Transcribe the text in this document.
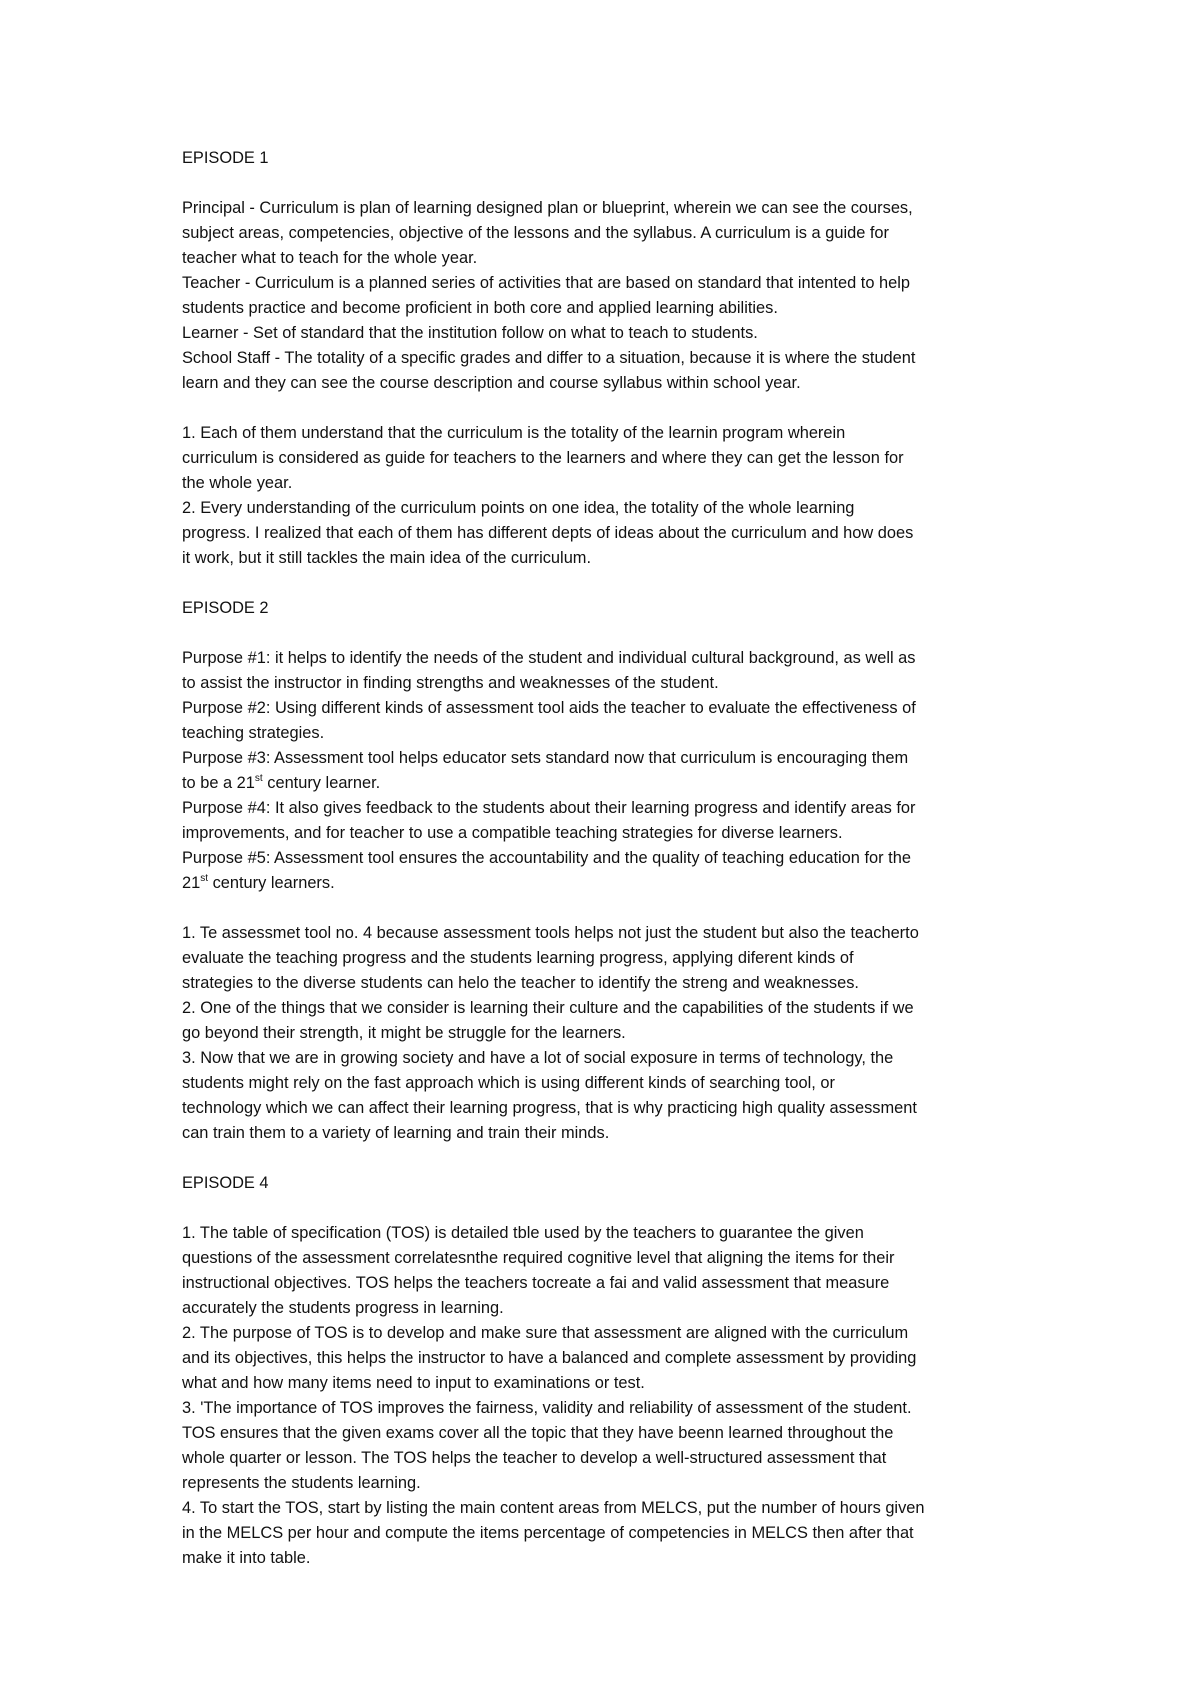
EPISODE 1
Principal - Curriculum is plan of learning designed plan or blueprint, wherein we can see the courses,
subject areas, competencies, objective of the lessons and the syllabus. A curriculum is a guide for
teacher what to teach for the whole year.
Teacher - Curriculum is a planned series of activities that are based on standard that intented to help
students practice and become proficient in both core and applied learning abilities.
Learner - Set of standard that the institution follow on what to teach to students.
School Staff - The totality of a specific grades and differ to a situation, because it is where the student
learn and they can see the course description and course syllabus within school year.
1. Each of them understand that the curriculum is the totality of the learnin program wherein
curriculum is considered as guide for teachers to the learners and where they can get the lesson for
the whole year.
2. Every understanding of the curriculum points on one idea, the totality of the whole learning
progress. I realized that each of them has different depts of ideas about the curriculum and how does
it work, but it still tackles the main idea of the curriculum.
EPISODE 2
Purpose #1: it helps to identify the needs of the student and individual cultural background, as well as
to assist the instructor in finding strengths and weaknesses of the student.
Purpose #2: Using different kinds of assessment tool aids the teacher to evaluate the effectiveness of
teaching strategies.
Purpose #3: Assessment tool helps educator sets standard now that curriculum is encouraging them
to be a 21st century learner.
Purpose #4: It also gives feedback to the students about their learning progress and identify areas for
improvements, and for teacher to use a compatible teaching strategies for diverse learners.
Purpose #5: Assessment tool ensures the accountability and the quality of teaching education for the
21st century learners.
1. Te assessmet tool no. 4 because assessment tools helps not just the student but also the teacherto
evaluate the teaching progress and the students learning progress, applying diferent kinds of
strategies to the diverse students can helo the teacher to identify the streng and weaknesses.
2. One of the things that we consider is learning their culture and the capabilities of the students if we
go beyond their strength, it might be struggle for the learners.
3. Now that we are in growing society and have a lot of social exposure in terms of technology, the
students might rely on the fast approach which is using different kinds of searching tool, or
technology which we can affect their learning progress, that is why practicing high quality assessment
can train them to a variety of learning and train their minds.
EPISODE 4
1. The table of specification (TOS) is detailed tble used by the teachers to guarantee the given
questions of the assessment correlatesnthe required cognitive level that aligning the items for their
instructional objectives. TOS helps the teachers tocreate a fai and valid assessment that measure
accurately the students progress in learning.
2. The purpose of TOS is to develop and make sure that assessment are aligned with the curriculum
and its objectives, this helps the instructor to have a balanced and complete assessment by providing
what and how many items need to input to examinations or test.
3. 'The importance of TOS improves the fairness, validity and reliability of assessment of the student.
TOS ensures that the given exams cover all the topic that they have beenn learned throughout the
whole quarter or lesson. The TOS helps the teacher to develop a well-structured assessment that
represents the students learning.
4. To start the TOS, start by listing the main content areas from MELCS, put the number of hours given
in the MELCS per hour and compute the items percentage of competencies in MELCS then after that
make it into table.
